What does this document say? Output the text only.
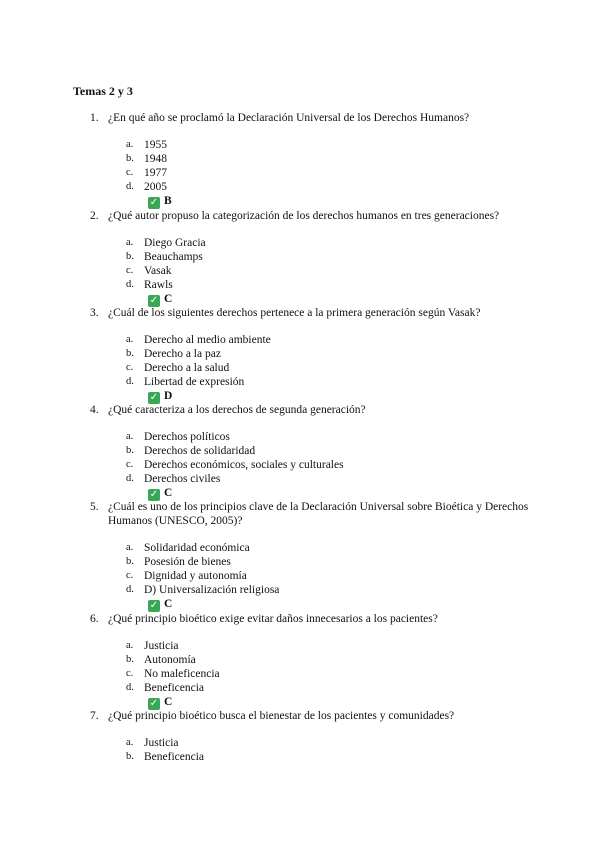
Temas 2 y 3
1. ¿En qué año se proclamó la Declaración Universal de los Derechos Humanos?
a. 1955
b. 1948
c. 1977
d. 2005
✓ B
2. ¿Qué autor propuso la categorización de los derechos humanos en tres generaciones?
a. Diego Gracia
b. Beauchamps
c. Vasak
d. Rawls
✓ C
3. ¿Cuál de los siguientes derechos pertenece a la primera generación según Vasak?
a. Derecho al medio ambiente
b. Derecho a la paz
c. Derecho a la salud
d. Libertad de expresión
✓ D
4. ¿Qué caracteriza a los derechos de segunda generación?
a. Derechos políticos
b. Derechos de solidaridad
c. Derechos económicos, sociales y culturales
d. Derechos civiles
✓ C
5. ¿Cuál es uno de los principios clave de la Declaración Universal sobre Bioética y Derechos Humanos (UNESCO, 2005)?
a. Solidaridad económica
b. Posesión de bienes
c. Dignidad y autonomía
d. D) Universalización religiosa
✓ C
6. ¿Qué principio bioético exige evitar daños innecesarios a los pacientes?
a. Justicia
b. Autonomía
c. No maleficencia
d. Beneficencia
✓ C
7. ¿Qué principio bioético busca el bienestar de los pacientes y comunidades?
a. Justicia
b. Beneficencia
